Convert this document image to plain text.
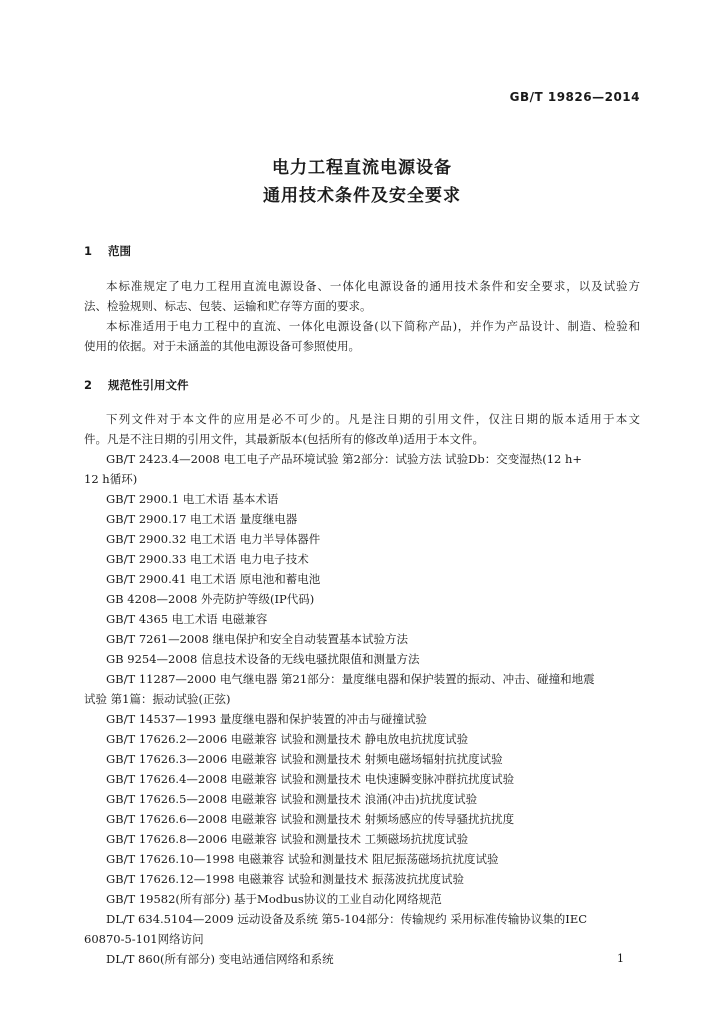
GB/T 19826—2014
电力工程直流电源设备
通用技术条件及安全要求
1 范围
本标准规定了电力工程用直流电源设备、一体化电源设备的通用技术条件和安全要求，以及试验方
法、检验规则、标志、包装、运输和贮存等方面的要求。
本标准适用于电力工程中的直流、一体化电源设备(以下简称产品)，并作为产品设计、制造、检验和
使用的依据。对于未涵盖的其他电源设备可参照使用。
2 规范性引用文件
下列文件对于本文件的应用是必不可少的。凡是注日期的引用文件，仅注日期的版本适用于本文
件。凡是不注日期的引用文件，其最新版本(包括所有的修改单)适用于本文件。
GB/T 2423.4—2008 电工电子产品环境试验 第2部分：试验方法 试验Db：交变湿热(12 h+
12 h循环)
GB/T 2900.1 电工术语 基本术语
GB/T 2900.17 电工术语 量度继电器
GB/T 2900.32 电工术语 电力半导体器件
GB/T 2900.33 电工术语 电力电子技术
GB/T 2900.41 电工术语 原电池和蓄电池
GB 4208—2008 外壳防护等级(IP代码)
GB/T 4365 电工术语 电磁兼容
GB/T 7261—2008 继电保护和安全自动装置基本试验方法
GB 9254—2008 信息技术设备的无线电骚扰限值和测量方法
GB/T 11287—2000 电气继电器 第21部分：量度继电器和保护装置的振动、冲击、碰撞和地震
试验 第1篇：振动试验(正弦)
GB/T 14537—1993 量度继电器和保护装置的冲击与碰撞试验
GB/T 17626.2—2006 电磁兼容 试验和测量技术 静电放电抗扰度试验
GB/T 17626.3—2006 电磁兼容 试验和测量技术 射频电磁场辐射抗扰度试验
GB/T 17626.4—2008 电磁兼容 试验和测量技术 电快速瞬变脉冲群抗扰度试验
GB/T 17626.5—2008 电磁兼容 试验和测量技术 浪涌(冲击)抗扰度试验
GB/T 17626.6—2008 电磁兼容 试验和测量技术 射频场感应的传导骚扰抗扰度
GB/T 17626.8—2006 电磁兼容 试验和测量技术 工频磁场抗扰度试验
GB/T 17626.10—1998 电磁兼容 试验和测量技术 阻尼振荡磁场抗扰度试验
GB/T 17626.12—1998 电磁兼容 试验和测量技术 振荡波抗扰度试验
GB/T 19582(所有部分) 基于Modbus协议的工业自动化网络规范
DL/T 634.5104—2009 远动设备及系统 第5-104部分：传输规约 采用标准传输协议集的IEC
60870-5-101网络访问
DL/T 860(所有部分) 变电站通信网络和系统	1
